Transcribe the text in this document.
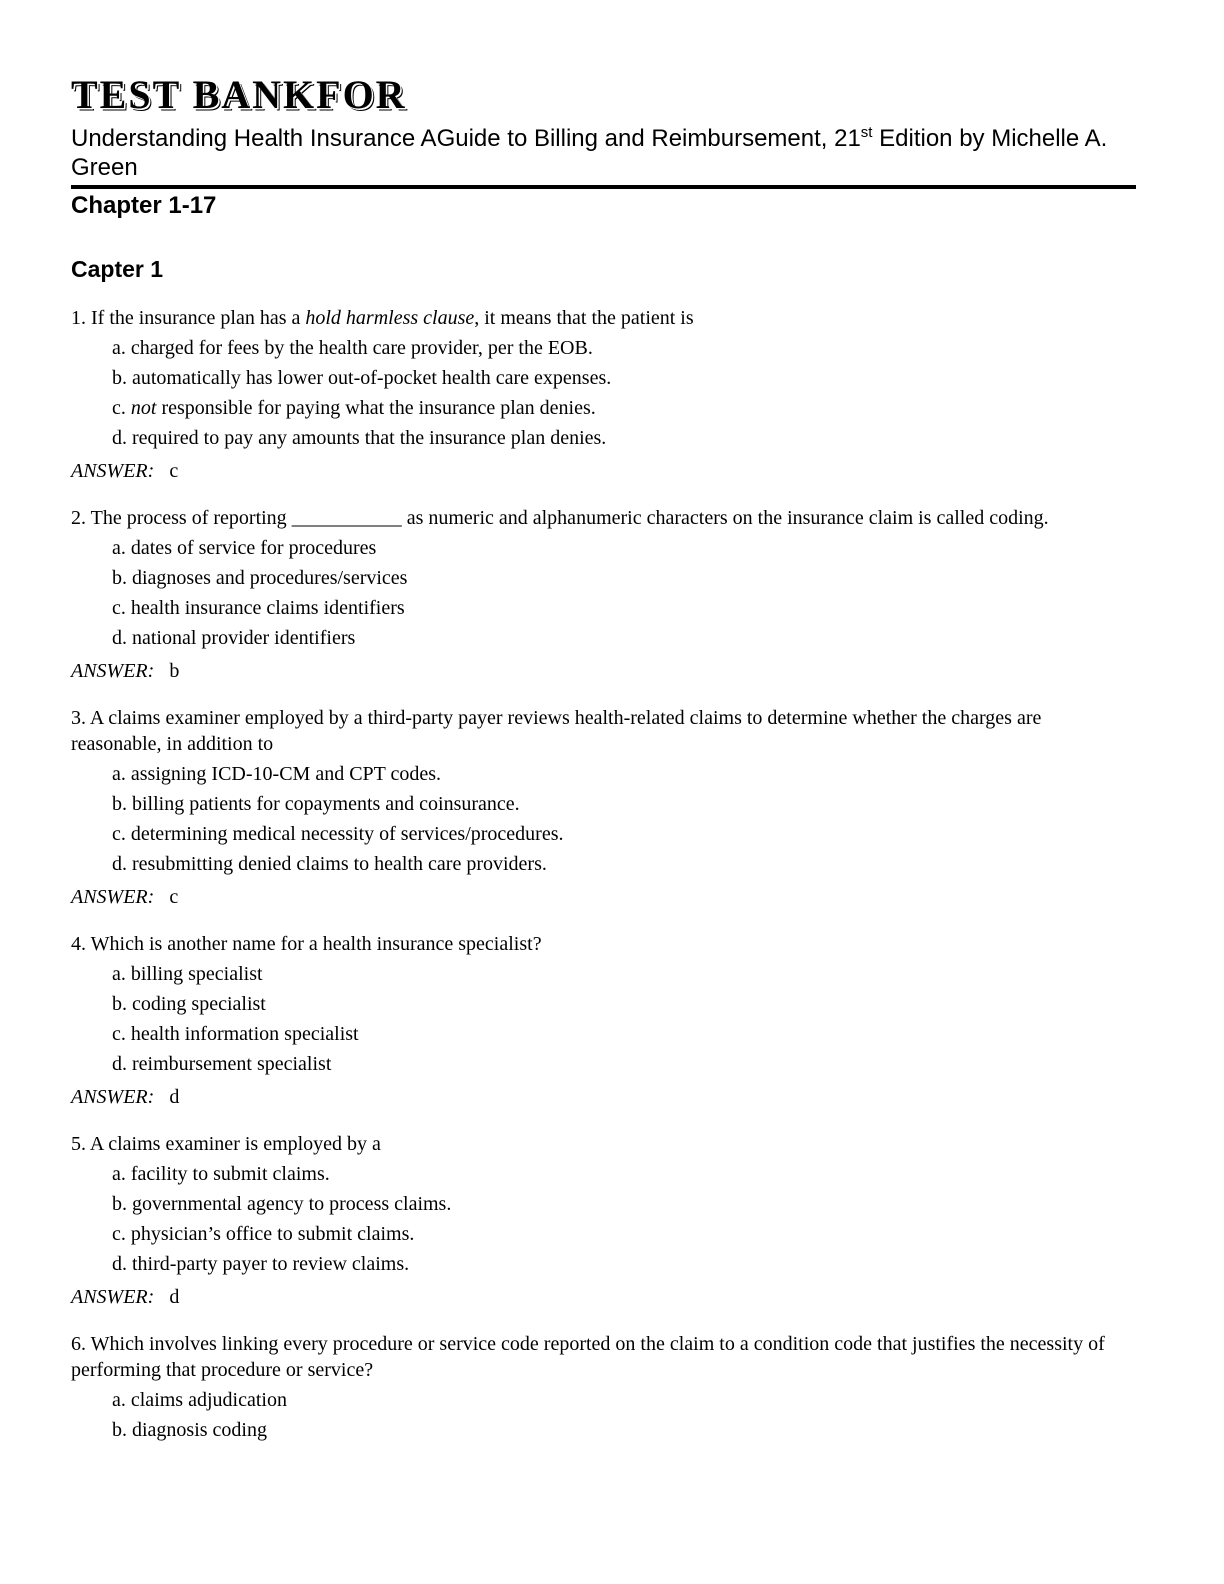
TEST BANKFOR

Understanding Health Insurance AGuide to Billing and Reimbursement, 21st Edition by Michelle A. Green

Chapter 1-17
Capter 1

1. If the insurance plan has a hold harmless clause, it means that the patient is

a. charged for fees by the health care provider, per the EOB.

b. automatically has lower out-of-pocket health care expenses.

c. not responsible for paying what the insurance plan denies.

d. required to pay any amounts that the insurance plan denies.

ANSWER: c

2. The process of reporting ___________ as numeric and alphanumeric characters on the insurance claim is called coding.

a. dates of service for procedures

b. diagnoses and procedures/services

c. health insurance claims identifiers

d. national provider identifiers

ANSWER: b

3. A claims examiner employed by a third-party payer reviews health-related claims to determine whether the charges are reasonable, in addition to

a. assigning ICD-10-CM and CPT codes.

b. billing patients for copayments and coinsurance.

c. determining medical necessity of services/procedures.

d. resubmitting denied claims to health care providers.

ANSWER: c

4. Which is another name for a health insurance specialist?

a. billing specialist

b. coding specialist

c. health information specialist

d. reimbursement specialist

ANSWER: d

5. A claims examiner is employed by a

a. facility to submit claims.

b. governmental agency to process claims.

c. physician’s office to submit claims.

d. third-party payer to review claims.

ANSWER: d

6. Which involves linking every procedure or service code reported on the claim to a condition code that justifies the necessity of performing that procedure or service?

a. claims adjudication

b. diagnosis coding
